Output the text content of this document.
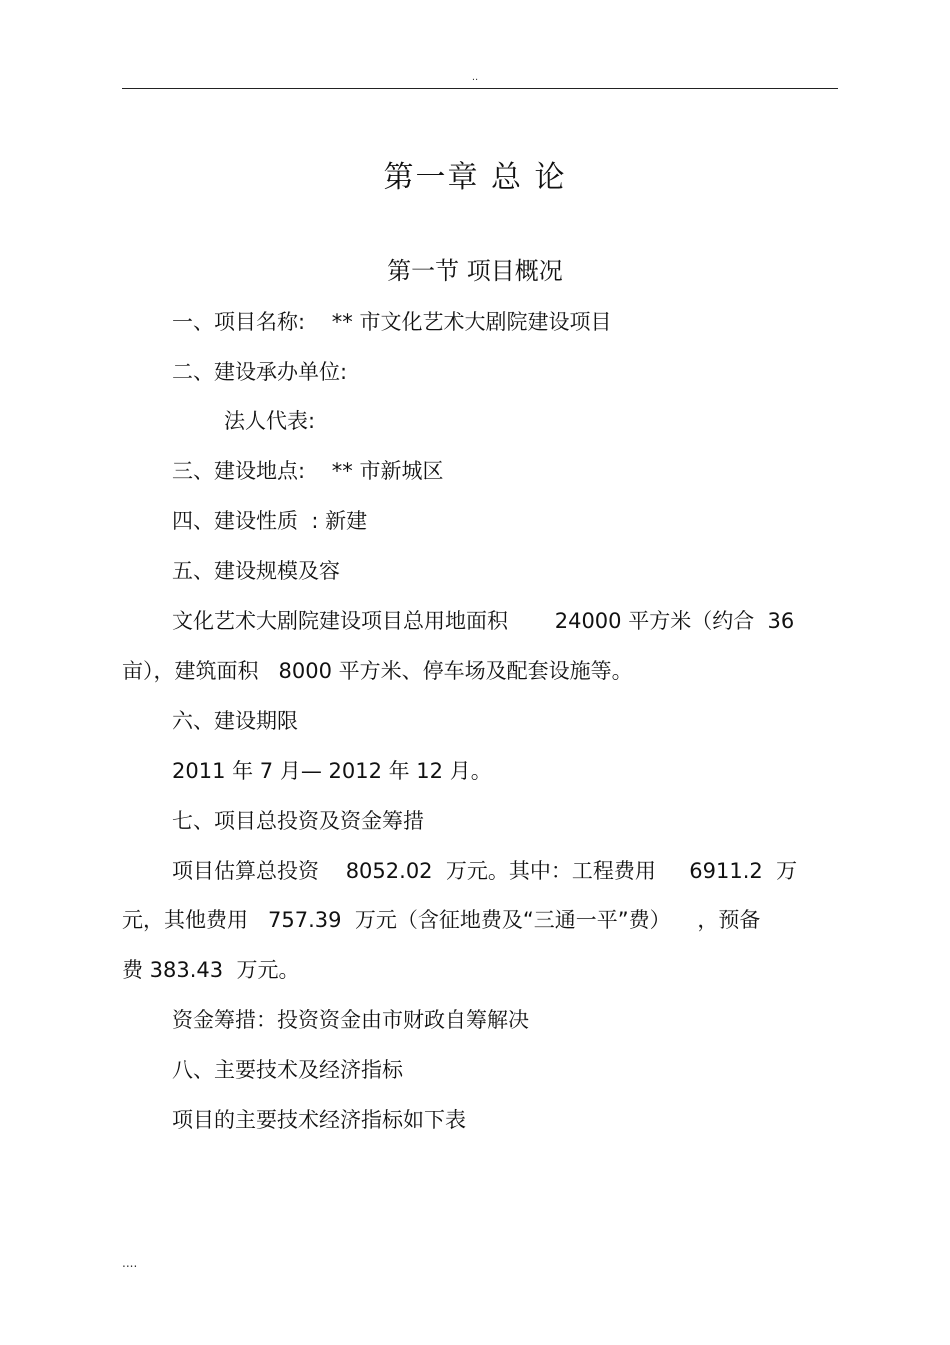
..
第一章 总 论
第一节 项目概况
一、项目名称:    ** 市文化艺术大剧院建设项目
二、建设承办单位:
法人代表:
三、建设地点:    ** 市新城区
四、建设性质  : 新建
五、建设规模及容
文化艺术大剧院建设项目总用地面积       24000 平方米（约合  36
亩），建筑面积   8000 平方米、停车场及配套设施等。
六、建设期限
2011 年 7 月— 2012 年 12 月。
七、项目总投资及资金筹措
项目估算总投资    8052.02  万元。其中：工程费用     6911.2  万
元，其他费用   757.39  万元（含征地费及“三通一平”费）    ，预备
费 383.43  万元。
资金筹措：投资资金由市财政自筹解决
八、主要技术及经济指标
项目的主要技术经济指标如下表
....
